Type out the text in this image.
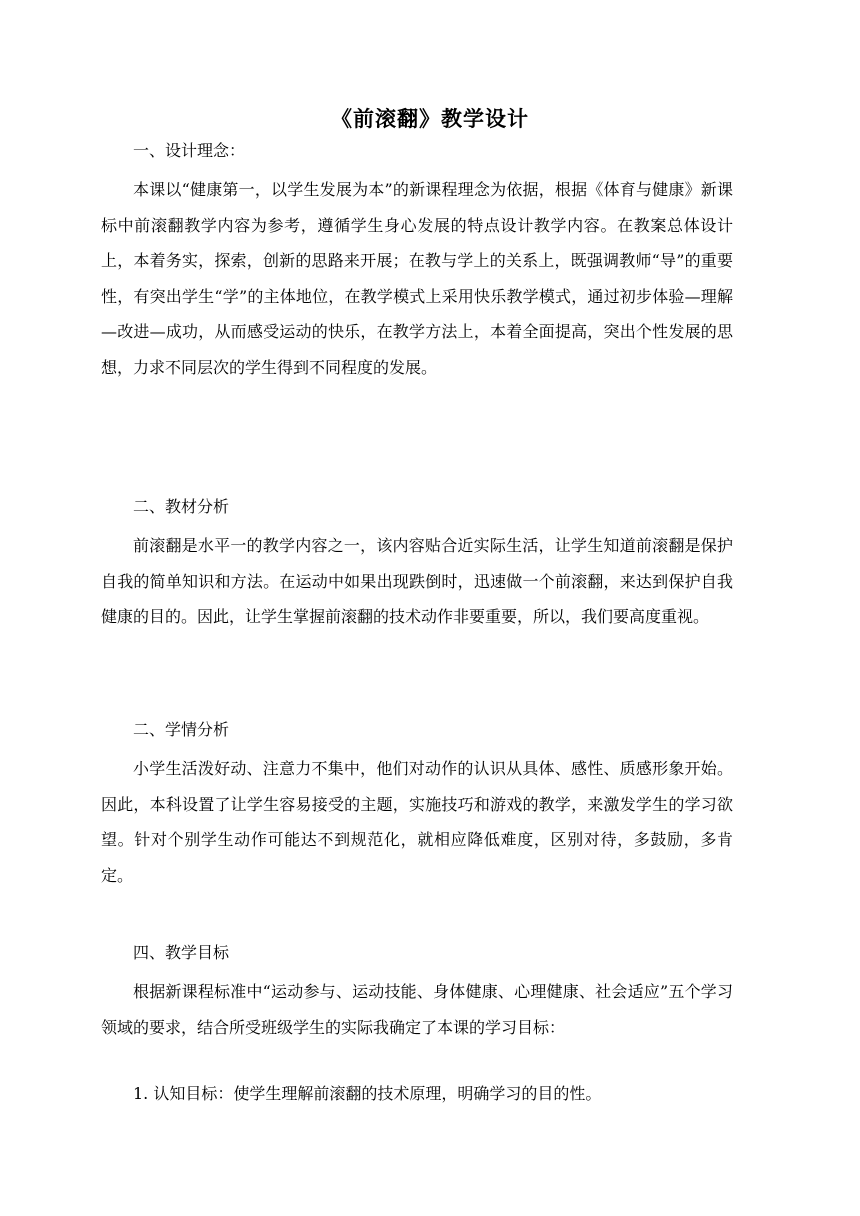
《前滚翻》教学设计

一、设计理念：

本课以“健康第一，以学生发展为本”的新课程理念为依据，根据《体育与健康》新课标中前滚翻教学内容为参考，遵循学生身心发展的特点设计教学内容。在教案总体设计上，本着务实，探索，创新的思路来开展；在教与学上的关系上，既强调教师“导”的重要性，有突出学生“学”的主体地位，在教学模式上采用快乐教学模式，通过初步体验—理解—改进—成功，从而感受运动的快乐，在教学方法上，本着全面提高，突出个性发展的思想，力求不同层次的学生得到不同程度的发展。

二、教材分析

前滚翻是水平一的教学内容之一，该内容贴合近实际生活，让学生知道前滚翻是保护自我的简单知识和方法。在运动中如果出现跌倒时，迅速做一个前滚翻，来达到保护自我健康的目的。因此，让学生掌握前滚翻的技术动作非要重要，所以，我们要高度重视。

二、学情分析

小学生活泼好动、注意力不集中，他们对动作的认识从具体、感性、质感形象开始。因此，本科设置了让学生容易接受的主题，实施技巧和游戏的教学，来激发学生的学习欲望。针对个别学生动作可能达不到规范化，就相应降低难度，区别对待，多鼓励，多肯定。

四、教学目标

根据新课程标准中“运动参与、运动技能、身体健康、心理健康、社会适应”五个学习领域的要求，结合所受班级学生的实际我确定了本课的学习目标：

1. 认知目标：使学生理解前滚翻的技术原理，明确学习的目的性。
